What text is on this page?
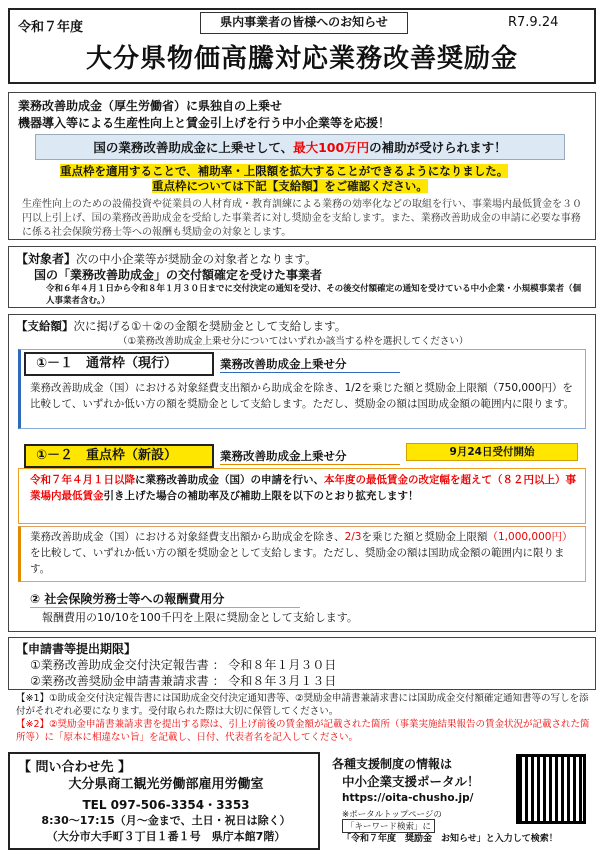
令和７年度	県内事業者の皆様へのお知らせ	R7.9.24
大分県物価高騰対応業務改善奨励金
業務改善助成金（厚生労働省）に県独自の上乗せ
機器導入等による生産性向上と賃金引上げを行う中小企業等を応援！
国の業務改善助成金に上乗せして、最大100万円の補助が受けられます！
重点枠を適用することで、補助率・上限額を拡大することができるようになりました。
重点枠については下記【支給額】をご確認ください。
生産性向上のための設備投資や従業員の人材育成・教育訓練による業務の効率化などの取組を行い、事業場内最低賃金を３０円以上引上げ、国の業務改善助成金を受給した事業者に対し奨励金を支給します。また、業務改善助成金の申請に必要な事務に係る社会保険労務士等への報酬も奨励金の対象とします。
【対象者】次の中小企業等が奨励金の対象者となります。
国の「業務改善助成金」の交付額確定を受けた事業者
令和６年４月１日から令和８年１月３０日までに交付決定の通知を受け、その後交付額確定の通知を受けている中小企業・小規模事業者（個人事業者含む。）
【支給額】次に掲げる①＋②の金額を奨励金として支給します。
（①業務改善助成金上乗せ分についてはいずれか該当する枠を選択してください）
①－１　通常枠（現行）	業務改善助成金上乗せ分
業務改善助成金（国）における対象経費支出額から助成金を除き、1/2を乗じた額と奨励金上限額（750,000円）を比較して、いずれか低い方の額を奨励金として支給します。ただし、奨励金の額は国助成金額の範囲内に限ります。
①－２　重点枠（新設）	業務改善助成金上乗せ分	9月24日受付開始
令和７年４月１日以降に業務改善助成金（国）の申請を行い、本年度の最低賃金の改定幅を超えて（８２円以上）事業場内最低賃金引き上げた場合の補助率及び補助上限を以下のとおり拡充します！
業務改善助成金（国）における対象経費支出額から助成金を除き、2/3を乗じた額と奨励金上限額（1,000,000円）を比較して、いずれか低い方の額を奨励金として支給します。ただし、奨励金の額は国助成金額の範囲内に限ります。
② 社会保険労務士等への報酬費用分
報酬費用の10/10を100千円を上限に奨励金として支給します。
【申請書等提出期限】
①業務改善助成金交付決定報告書 ： 令和８年１月３０日
②業務改善奨励金申請書兼請求書 ： 令和８年３月１３日
【※1】①助成金交付決定報告書には国助成金交付決定通知書等、②奨励金申請書兼請求書には国助成金交付額確定通知書等の写しを添付がそれぞれ必要になります。受付取られた際は大切に保管してください。
【※2】②奨励金申請書兼請求書を提出する際は、引上げ前後の賃金額が記載された箇所（事業実施結果報告の賃金状況が記載された箇所等）に「原本に相違ない旨」を記載し、日付、代表者名を記入してください。
【 問い合わせ先 】
大分県商工観光労働部雇用労働室
TEL 097-506-3354・3353
8:30～17:15（月～金まで、土日・祝日は除く）
（大分市大手町３丁目１番１号　県庁本館7階）
各種支援制度の情報は
中小企業支援ポータル！
https://oita-chusho.jp/
※ポータルトップページの
「キーワード検索」に
「令和７年度　奨励金　お知らせ」と入力して検索！
